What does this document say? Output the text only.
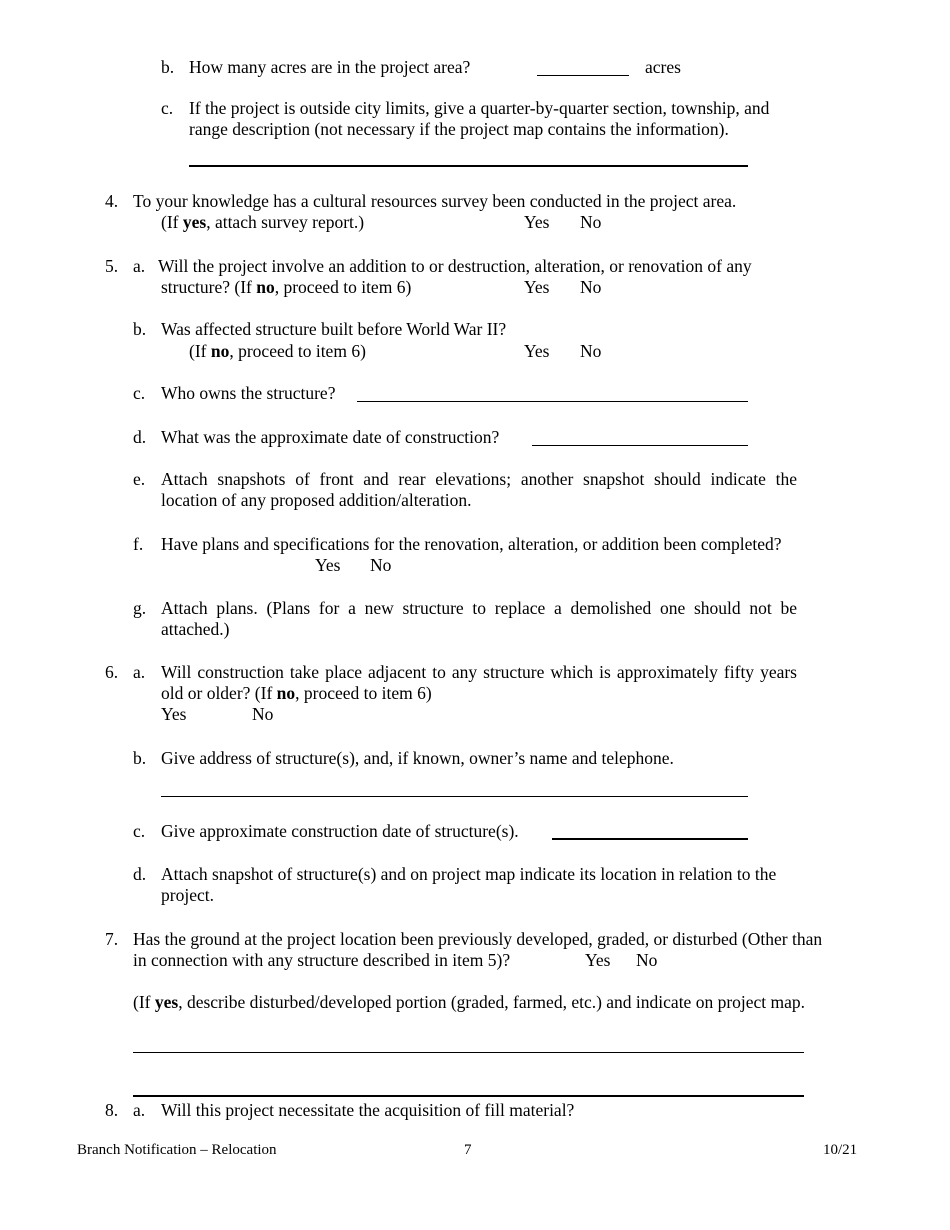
b. How many acres are in the project area?	acres
c. If the project is outside city limits, give a quarter-by-quarter section, township, and range description (not necessary if the project map contains the information).
4. To your knowledge has a cultural resources survey been conducted in the project area.
(If yes, attach survey report.)	Yes No
5. a. Will the project involve an addition to or destruction, alteration, or renovation of any
structure? (If no, proceed to item 6)	Yes No
b. Was affected structure built before World War II?
(If no, proceed to item 6)	Yes No
c. Who owns the structure?
d. What was the approximate date of construction?
e. Attach snapshots of front and rear elevations; another snapshot should indicate the location of any proposed addition/alteration.
f. Have plans and specifications for the renovation, alteration, or addition been completed?
Yes No
g. Attach plans. (Plans for a new structure to replace a demolished one should not be attached.)
6. a. Will construction take place adjacent to any structure which is approximately fifty years old or older? (If no, proceed to item 6)
Yes	No
b. Give address of structure(s), and, if known, owner’s name and telephone.
c. Give approximate construction date of structure(s).
d. Attach snapshot of structure(s) and on project map indicate its location in relation to the project.
7. Has the ground at the project location been previously developed, graded, or disturbed (Other than
in connection with any structure described in item 5)?	Yes No
(If yes, describe disturbed/developed portion (graded, farmed, etc.) and indicate on project map.
8. a. Will this project necessitate the acquisition of fill material?
Branch Notification – Relocation	7	10/21
